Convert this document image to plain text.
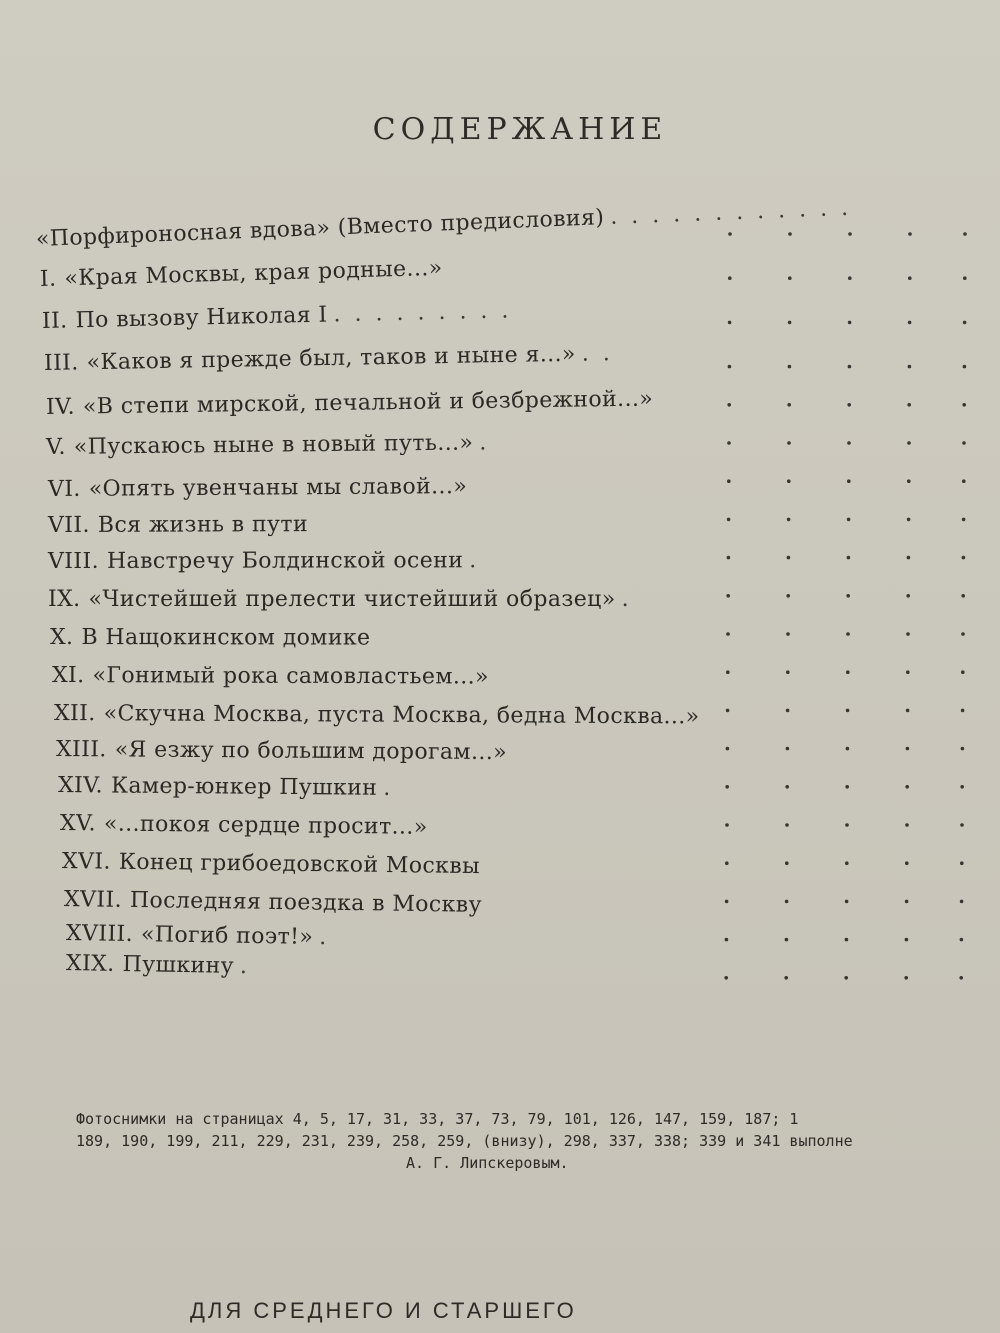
СОДЕРЖАНИЕ
«Порфироносная вдова» (Вместо предисловия) ............
I. «Края Москвы, края родные...»
II. По вызову Николая I .........
III. «Каков я прежде был, таков и ныне я...» ..
IV. «В степи мирской, печальной и безбрежной...»
V. «Пускаюсь ныне в новый путь...» .
VI. «Опять увенчаны мы славой...»
VII. Вся жизнь в пути
VIII. Навстречу Болдинской осени .
IX. «Чистейшей прелести чистейший образец» .
X. В Нащокинском домике
XI. «Гонимый рока самовластьем...»
XII. «Скучна Москва, пуста Москва, бедна Москва...»
XIII. «Я езжу по большим дорогам...»
XIV. Камер-юнкер Пушкин .
XV. «...покоя сердце просит...»
XVI. Конец грибоедовской Москвы
XVII. Последняя поездка в Москву
XVIII. «Погиб поэт!» .
XIX. Пушкину .
Фотоснимки на страницах 4, 5, 17, 31, 33, 37, 73, 79, 101, 126, 147, 159, 187; 1
189, 190, 199, 211, 229, 231, 239, 258, 259, (внизу), 298, 337, 338; 339 и 341 выполне
А. Г. Липскеровым.
ДЛЯ СРЕДНЕГО И СТАРШЕГО
